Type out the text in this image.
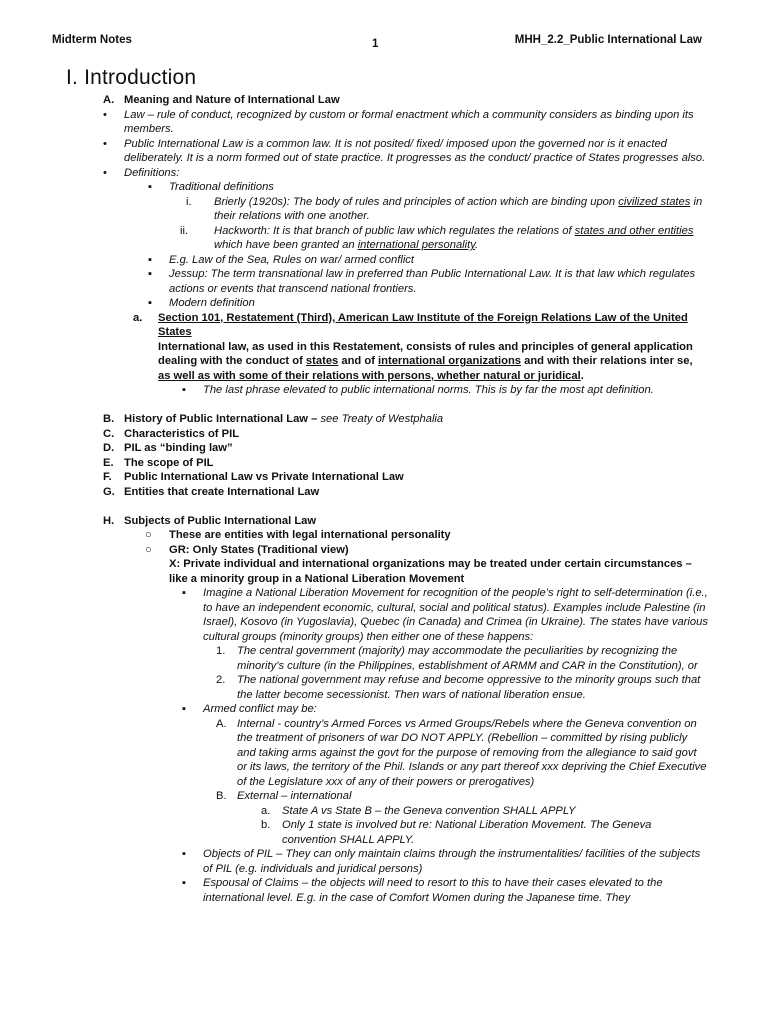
Midterm Notes	1	MHH_2.2_Public International Law
I. Introduction
A. Meaning and Nature of International Law
• Law – rule of conduct, recognized by custom or formal enactment which a community considers as binding upon its members.
• Public International Law is a common law. It is not posited/ fixed/ imposed upon the governed nor is it enacted deliberately. It is a norm formed out of state practice. It progresses as the conduct/ practice of States progresses also.
• Definitions:
▪ Traditional definitions
i. Brierly (1920s): The body of rules and principles of action which are binding upon civilized states in their relations with one another.
ii. Hackworth: It is that branch of public law which regulates the relations of states and other entities which have been granted an international personality.
▪ E.g. Law of the Sea, Rules on war/ armed conflict
▪ Jessup: The term transnational law in preferred than Public International Law. It is that law which regulates actions or events that transcend national frontiers.
▪ Modern definition
a. Section 101, Restatement (Third), American Law Institute of the Foreign Relations Law of the United States
International law, as used in this Restatement, consists of rules and principles of general application dealing with the conduct of states and of international organizations and with their relations inter se, as well as with some of their relations with persons, whether natural or juridical.
▪ The last phrase elevated to public international norms. This is by far the most apt definition.
B. History of Public International Law – see Treaty of Westphalia
C. Characteristics of PIL
D. PIL as “binding law”
E. The scope of PIL
F. Public International Law vs Private International Law
G. Entities that create International Law
H. Subjects of Public International Law
○ These are entities with legal international personality
○ GR: Only States (Traditional view)
X: Private individual and international organizations may be treated under certain circumstances – like a minority group in a National Liberation Movement
▪ Imagine a National Liberation Movement for recognition of the people’s right to self-determination (i.e., to have an independent economic, cultural, social and political status). Examples include Palestine (in Israel), Kosovo (in Yugoslavia), Quebec (in Canada) and Crimea (in Ukraine). The states have various cultural groups (minority groups) then either one of these happens:
1. The central government (majority) may accommodate the peculiarities by recognizing the minority’s culture (in the Philippines, establishment of ARMM and CAR in the Constitution), or
2. The national government may refuse and become oppressive to the minority groups such that the latter become secessionist. Then wars of national liberation ensue.
▪ Armed conflict may be:
A. Internal - country’s Armed Forces vs Armed Groups/Rebels where the Geneva convention on the treatment of prisoners of war DO NOT APPLY. (Rebellion – committed by rising publicly and taking arms against the govt for the purpose of removing from the allegiance to said govt or its laws, the territory of the Phil. Islands or any part thereof xxx depriving the Chief Executive of the Legislature xxx of any of their powers or prerogatives)
B. External – international
a. State A vs State B – the Geneva convention SHALL APPLY
b. Only 1 state is involved but re: National Liberation Movement. The Geneva convention SHALL APPLY.
▪ Objects of PIL – They can only maintain claims through the instrumentalities/ facilities of the subjects of PIL (e.g. individuals and juridical persons)
▪ Espousal of Claims – the objects will need to resort to this to have their cases elevated to the international level. E.g. in the case of Comfort Women during the Japanese time. They
